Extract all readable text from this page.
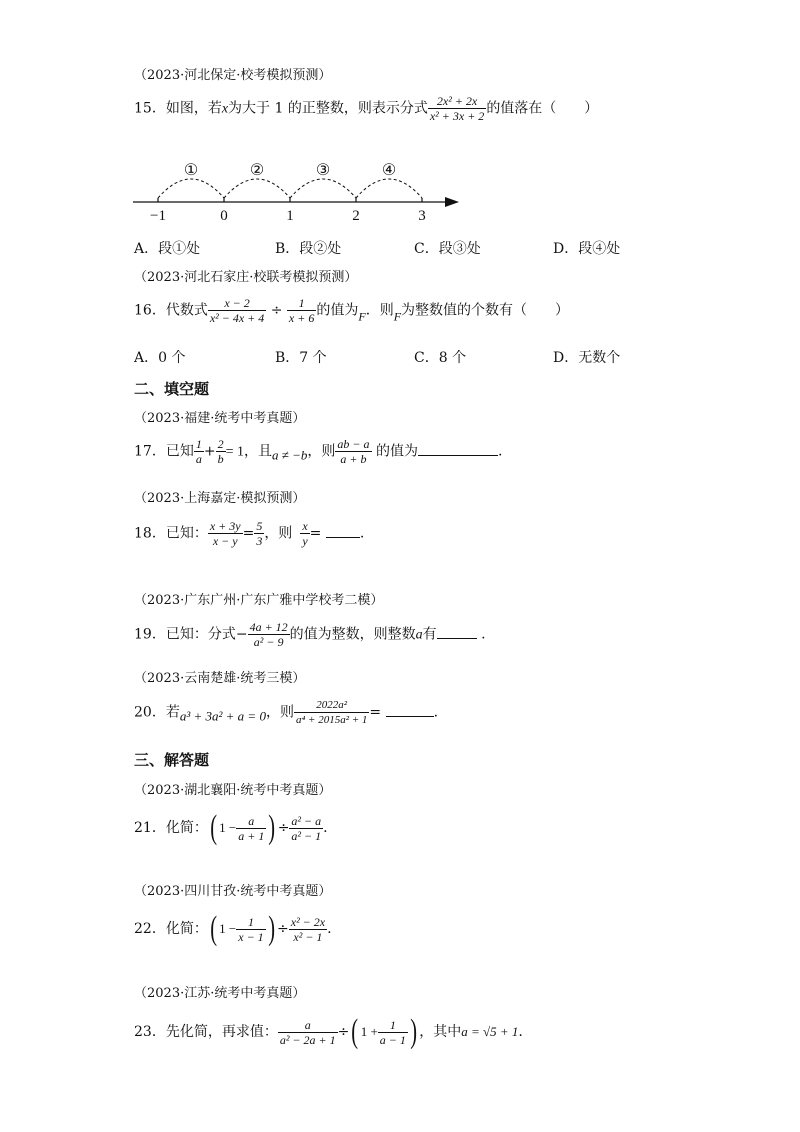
（2023·河北保定·校考模拟预测）
15．如图，若x为大于 1 的正整数，则表示分式 $\frac{\text{2x² + 2x}}{\text{x² + 3x + 2}}$ 的值落在（　　）
−1	0	1	2	3
①	②	③	④
A．段①处	B．段②处	C．段③处	D．段④处
（2023·河北石家庄·校联考模拟预测）
16．代数式 $\frac{x - 2}{\text{x² − 4x + 4}} \div \frac{1}{x + 6}$ 的值为F．则F为整数值的个数有（　　）
A．0 个	B．7 个	C．8 个	D．无数个
二、填空题
（2023·福建·统考中考真题）
17．已知 $\frac{1}{a} + \frac{2}{b} = 1$，且a ≠ −b，则 $\frac{ab - a}{a + b}$ 的值为	.
（2023·上海嘉定·模拟预测）
18．已知： $\frac{x + 3y}{x - y} = \frac{5}{3}$ ，则 $\frac{x}{y}$ =	.
（2023·广东广州·广东广雅中学校考二模）
19．已知：分式− $\frac{4a + 12}{\text{a² − 9}}$ 的值为整数，则整数a有	.
（2023·云南楚雄·统考三模）
20．若a³ + 3a² + a = 0，则 $\frac{\text{2022a²}}{\text{a⁴ + 2015a² + 1}}$ =	.
三、解答题
（2023·湖北襄阳·统考中考真题）
21．化简：( $1 - \frac{a}{a + 1}$ ) ÷ $\frac{\text{a² − a}}{\text{a² − 1}}$ .
（2023·四川甘孜·统考中考真题）
22．化简：( $1 - \frac{1}{x - 1}$ ) ÷ $\frac{\text{x² − 2x}}{\text{x² − 1}}$ .
（2023·江苏·统考中考真题）
23．先化简，再求值： $\frac{a}{\text{a² − 2a + 1}}$ ÷( $1 + \frac{1}{a - 1}$ ) ，其中a = √5 + 1.
